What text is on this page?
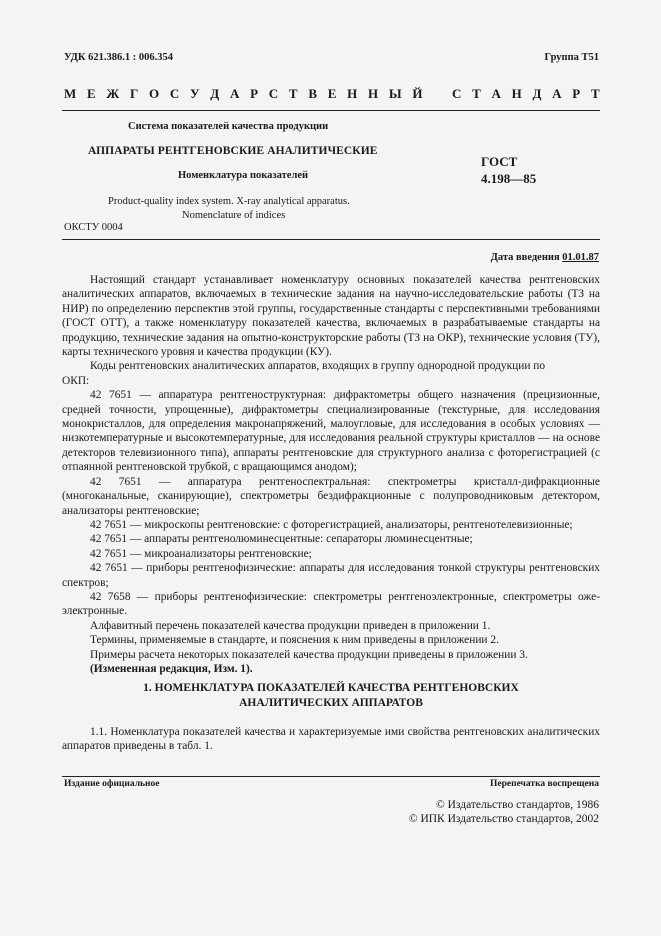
УДК 621.386.1 : 006.354	Группа Т51
М Е Ж Г О С У Д А Р С Т В Е Н Н Ы Й С Т А Н Д А Р Т
Система показателей качества продукции
АППАРАТЫ РЕНТГЕНОВСКИЕ АНАЛИТИЧЕСКИЕ
Номенклатура показателей
ГОСТ
4.198—85
Product-quality index system. X-ray analytical apparatus.
Nomenclature of indices
ОКСТУ 0004
Дата введения 01.01.87

Настоящий стандарт устанавливает номенклатуру основных показателей качества рентгеновских аналитических аппаратов, включаемых в технические задания на научно-исследовательские работы (ТЗ на НИР) по определению перспектив этой группы, государственные стандарты с перспективными требованиями (ГОСТ ОТТ), а также номенклатуру показателей качества, включаемых в разрабатываемые стандарты на продукцию, технические задания на опытно-конструкторские работы (ТЗ на ОКР), технические условия (ТУ), карты технического уровня и качества продукции (КУ).

Коды рентгеновских аналитических аппаратов, входящих в группу однородной продукции по

ОКП:

42 7651 — аппаратура рентгеноструктурная: дифрактометры общего назначения (прецизионные, средней точности, упрощенные), дифрактометры специализированные (текстурные, для исследования монокристаллов, для определения макронапряжений, малоугловые, для исследования в особых условиях — низкотемпературные и высокотемпературные, для исследования реальной структуры кристаллов — на основе детекторов телевизионного типа), аппараты рентгеновские для структурного анализа с фоторегистрацией (с отпаянной рентгеновской трубкой, с вращающимся анодом);

42 7651 — аппаратура рентгеноспектральная: спектрометры кристалл-дифракционные (многоканальные, сканирующие), спектрометры бездифракционные с полупроводниковым детектором, анализаторы рентгеновские;

42 7651 — микроскопы рентгеновские: с фоторегистрацией, анализаторы, рентгенотелевизионные;

42 7651 — аппараты рентгенолюминесцентные: сепараторы люминесцентные;

42 7651 — микроанализаторы рентгеновские;

42 7651 — приборы рентгенофизические: аппараты для исследования тонкой структуры рентгеновских спектров;

42 7658 — приборы рентгенофизические: спектрометры рентгеноэлектронные, спектрометры оже-электронные.

Алфавитный перечень показателей качества продукции приведен в приложении 1.

Термины, применяемые в стандарте, и пояснения к ним приведены в приложении 2.

Примеры расчета некоторых показателей качества продукции приведены в приложении 3.

(Измененная редакция, Изм. 1).

1. НОМЕНКЛАТУРА ПОКАЗАТЕЛЕЙ КАЧЕСТВА РЕНТГЕНОВСКИХ
АНАЛИТИЧЕСКИХ АППАРАТОВ

1.1. Номенклатура показателей качества и характеризуемые ими свойства рентгеновских аналитических аппаратов приведены в табл. 1.

Издание официальное	Перепечатка воспрещена
© Издательство стандартов, 1986
© ИПК Издательство стандартов, 2002
